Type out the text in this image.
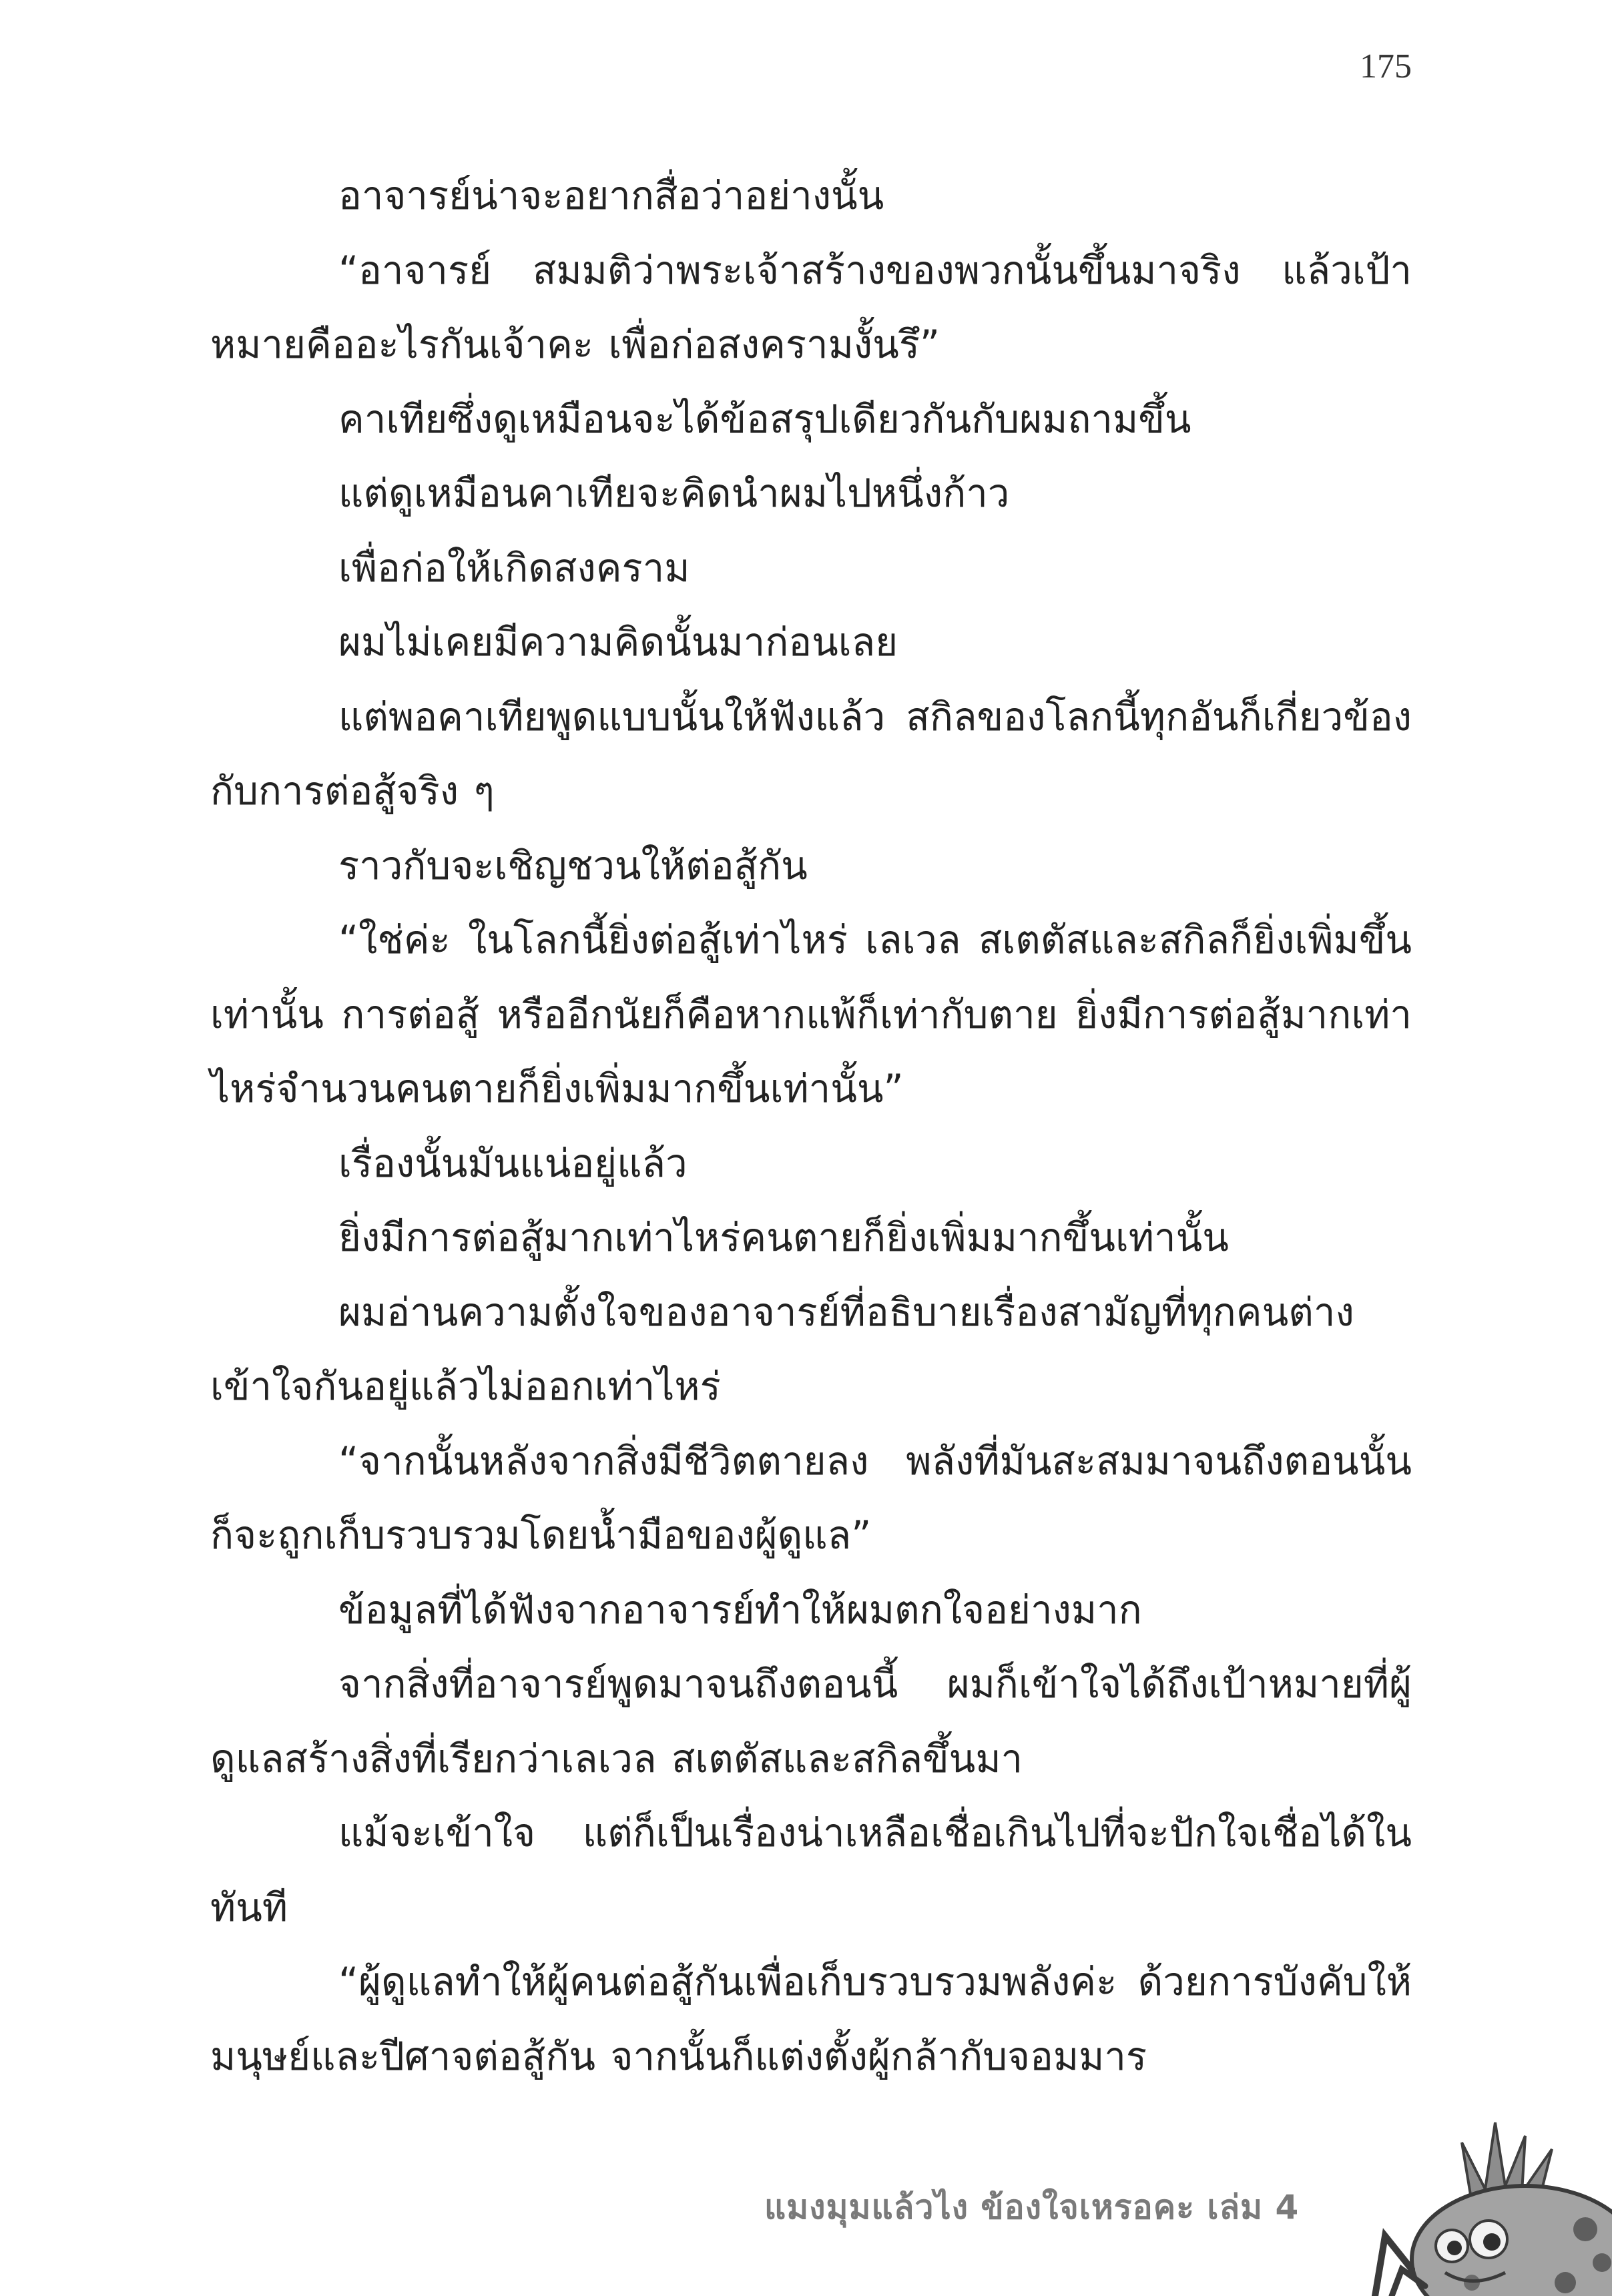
175

อาจารย์น่าจะอยากสื่อว่าอย่างนั้น

“อาจารย์ สมมติว่าพระเจ้าสร้างของพวกนั้นขึ้นมาจริง แล้วเป้าหมายคืออะไรกันเจ้าคะ เพื่อก่อสงครามงั้นรึ”

คาเทียซึ่งดูเหมือนจะได้ข้อสรุปเดียวกันกับผมถามขึ้น

แต่ดูเหมือนคาเทียจะคิดนำผมไปหนึ่งก้าว

เพื่อก่อให้เกิดสงคราม

ผมไม่เคยมีความคิดนั้นมาก่อนเลย

แต่พอคาเทียพูดแบบนั้นให้ฟังแล้ว สกิลของโลกนี้ทุกอันก็เกี่ยวข้องกับการต่อสู้จริง ๆ

ราวกับจะเชิญชวนให้ต่อสู้กัน

“ใช่ค่ะ ในโลกนี้ยิ่งต่อสู้เท่าไหร่ เลเวล สเตตัสและสกิลก็ยิ่งเพิ่มขึ้นเท่านั้น การต่อสู้ หรืออีกนัยก็คือหากแพ้ก็เท่ากับตาย ยิ่งมีการต่อสู้มากเท่าไหร่จำนวนคนตายก็ยิ่งเพิ่มมากขึ้นเท่านั้น”

เรื่องนั้นมันแน่อยู่แล้ว

ยิ่งมีการต่อสู้มากเท่าไหร่คนตายก็ยิ่งเพิ่มมากขึ้นเท่านั้น

ผมอ่านความตั้งใจของอาจารย์ที่อธิบายเรื่องสามัญที่ทุกคนต่างเข้าใจกันอยู่แล้วไม่ออกเท่าไหร่

“จากนั้นหลังจากสิ่งมีชีวิตตายลง พลังที่มันสะสมมาจนถึงตอนนั้นก็จะถูกเก็บรวบรวมโดยน้ำมือของผู้ดูแล”

ข้อมูลที่ได้ฟังจากอาจารย์ทำให้ผมตกใจอย่างมาก

จากสิ่งที่อาจารย์พูดมาจนถึงตอนนี้ ผมก็เข้าใจได้ถึงเป้าหมายที่ผู้ดูแลสร้างสิ่งที่เรียกว่าเลเวล สเตตัสและสกิลขึ้นมา

แม้จะเข้าใจ แต่ก็เป็นเรื่องน่าเหลือเชื่อเกินไปที่จะปักใจเชื่อได้ในทันที

“ผู้ดูแลทำให้ผู้คนต่อสู้กันเพื่อเก็บรวบรวมพลังค่ะ ด้วยการบังคับให้มนุษย์และปีศาจต่อสู้กัน จากนั้นก็แต่งตั้งผู้กล้ากับจอมมาร

แมงมุมแล้วไง ข้องใจเหรอคะ เล่ม 4
